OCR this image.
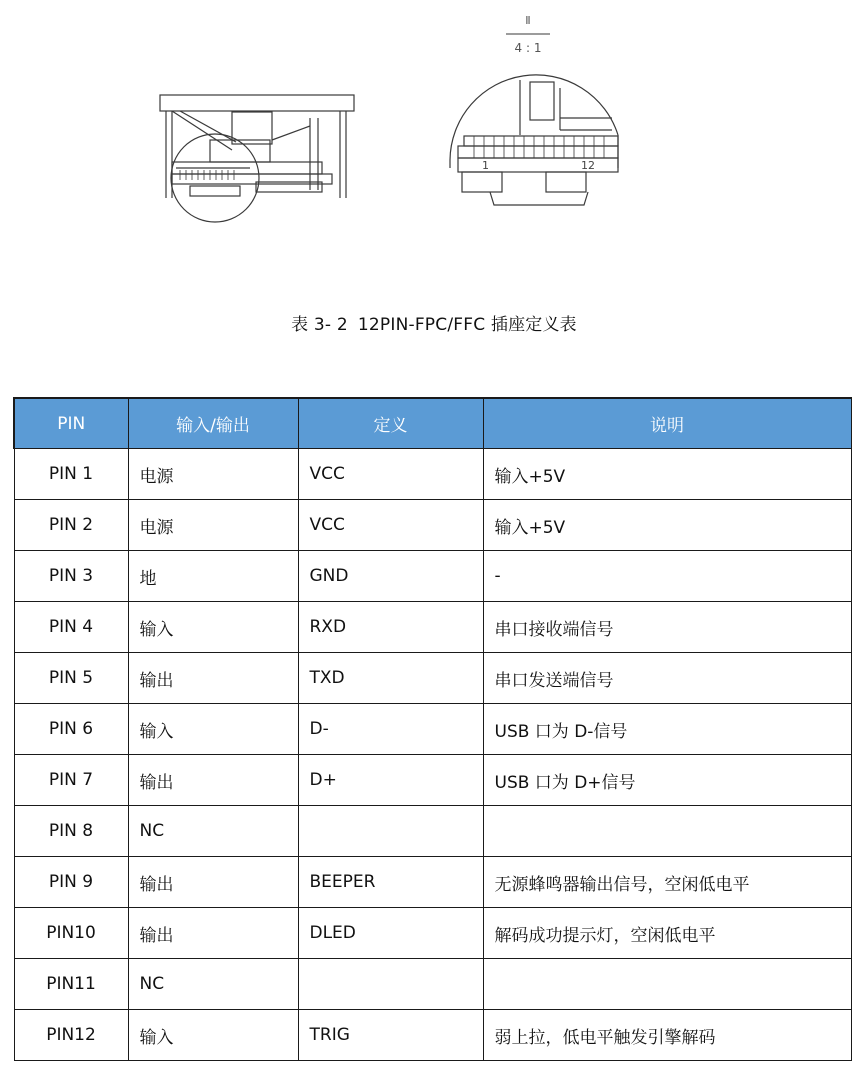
Ⅱ
4 : 1
1	12
表 3- 2 12PIN-FPC/FFC 插座定义表
PIN	输入/输出	定义	说明
PIN 1	电源	VCC	输入+5V
PIN 2	电源	VCC	输入+5V
PIN 3	地	GND	-
PIN 4	输入	RXD	串口接收端信号
PIN 5	输出	TXD	串口发送端信号
PIN 6	输入	D-	USB 口为 D-信号
PIN 7	输出	D+	USB 口为 D+信号
PIN 8	NC		
PIN 9	输出	BEEPER	无源蜂鸣器输出信号，空闲低电平
PIN10	输出	DLED	解码成功提示灯，空闲低电平
PIN11	NC		
PIN12	输入	TRIG	弱上拉，低电平触发引擎解码
